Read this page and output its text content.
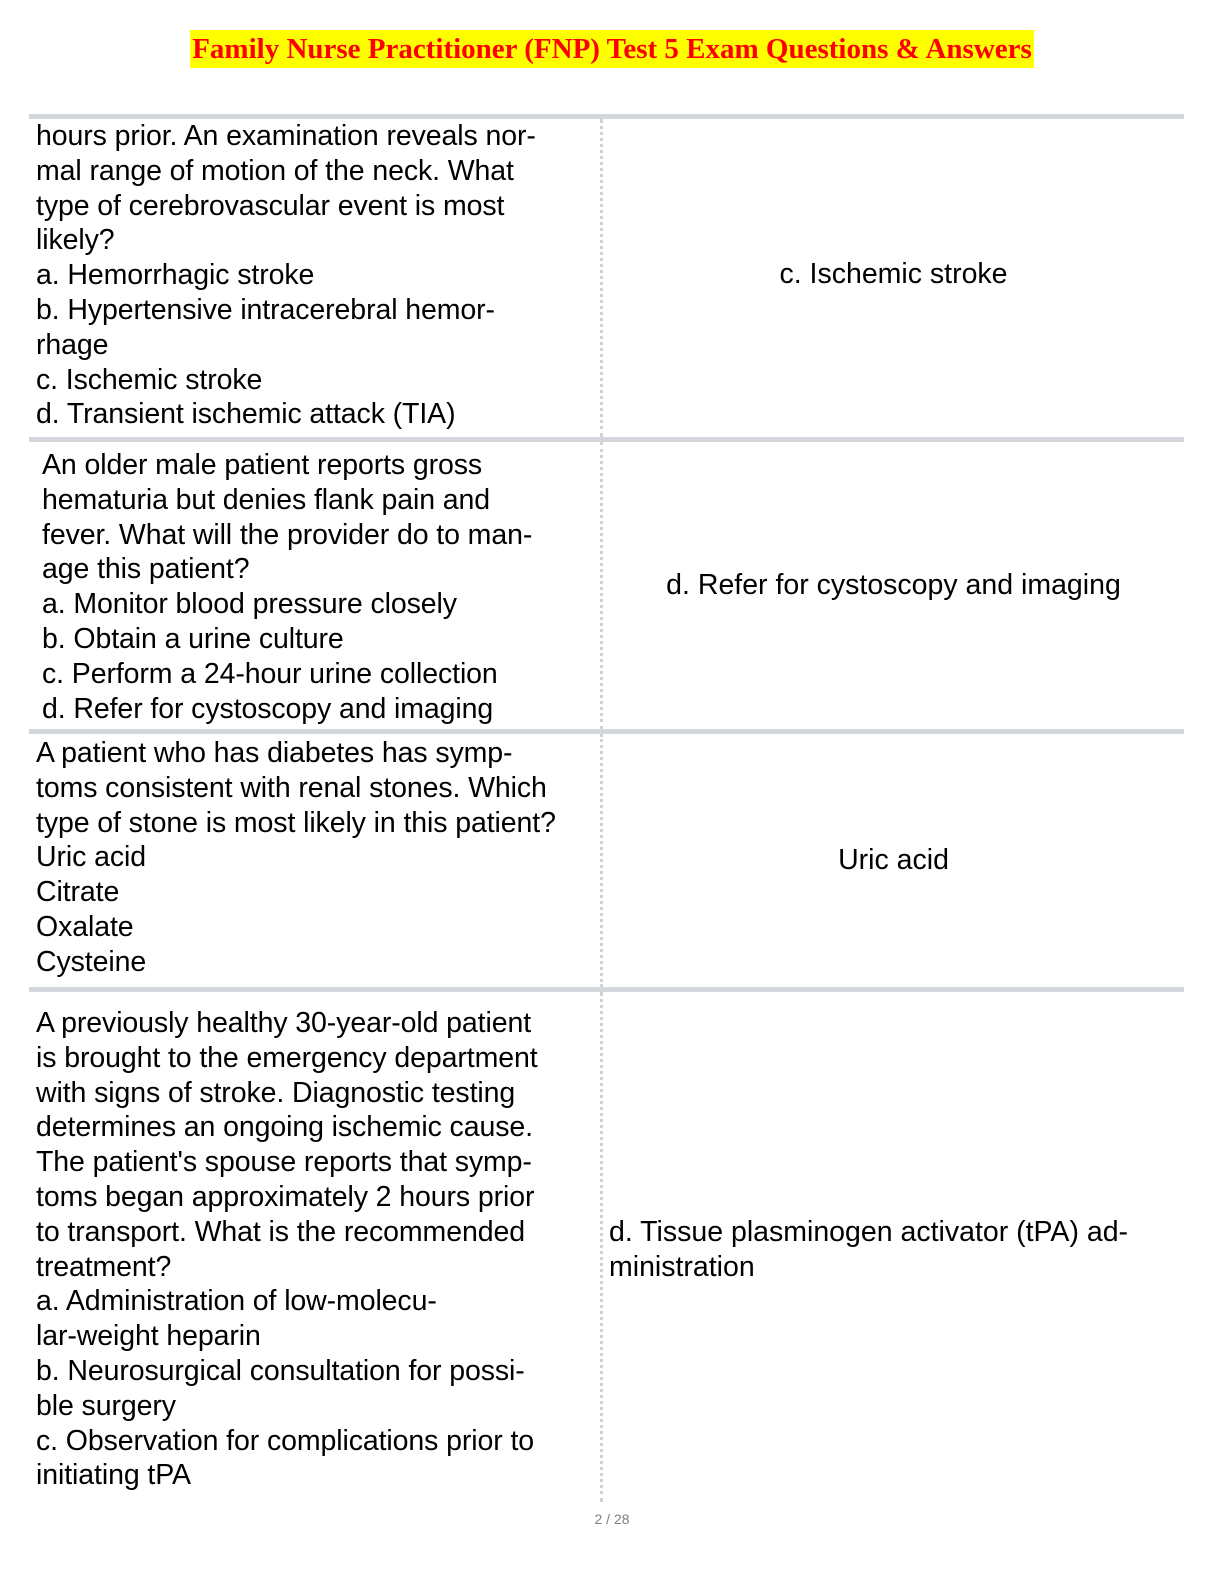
Family Nurse Practitioner (FNP) Test 5 Exam Questions & Answers
hours prior. An examination reveals nor-
mal range of motion of the neck. What
type of cerebrovascular event is most
likely?
a. Hemorrhagic stroke
b. Hypertensive intracerebral hemor-
rhage
c. Ischemic stroke
d. Transient ischemic attack (TIA)
c. Ischemic stroke
An older male patient reports gross
hematuria but denies flank pain and
fever. What will the provider do to man-
age this patient?
a. Monitor blood pressure closely
b. Obtain a urine culture
c. Perform a 24-hour urine collection
d. Refer for cystoscopy and imaging
d. Refer for cystoscopy and imaging
A patient who has diabetes has symp-
toms consistent with renal stones. Which
type of stone is most likely in this patient?
Uric acid
Citrate
Oxalate
Cysteine
Uric acid
A previously healthy 30-year-old patient
is brought to the emergency department
with signs of stroke. Diagnostic testing
determines an ongoing ischemic cause.
The patient's spouse reports that symp-
toms began approximately 2 hours prior
to transport. What is the recommended
treatment?
a. Administration of low-molecu-
lar-weight heparin
b. Neurosurgical consultation for possi-
ble surgery
c. Observation for complications prior to
initiating tPA
d. Tissue plasminogen activator (tPA) ad-
ministration
2 / 28
